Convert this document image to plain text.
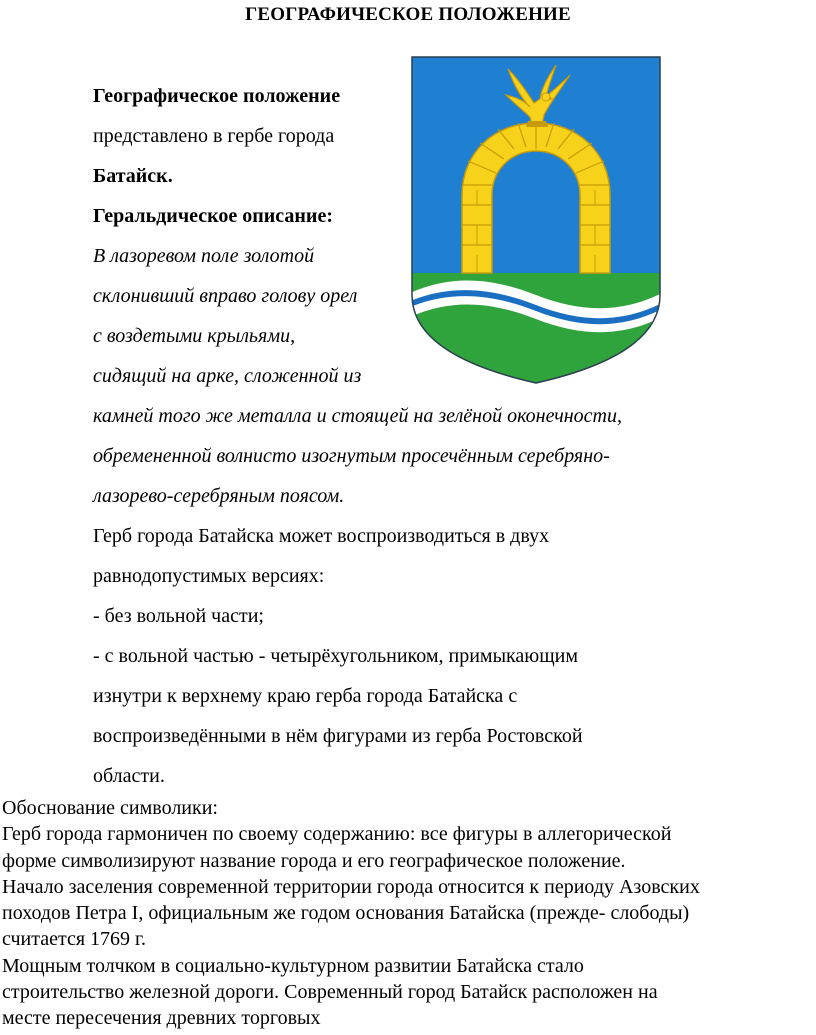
ГЕОГРАФИЧЕСКОЕ ПОЛОЖЕНИЕ

Географическое положение

представлено в гербе города

Батайск.

Геральдическое описание:

В лазоревом поле золотой

склонивший вправо голову орел

с воздетыми крыльями,

сидящий на арке, сложенной из

камней того же металла и стоящей на зелёной оконечности,

обремененной волнисто изогнутым просечённым серебряно-

лазорево-серебряным поясом.

Герб города Батайска может воспроизводиться в двух

равнодопустимых версиях:

- без вольной части;

- с вольной частью - четырёхугольником, примыкающим

изнутри к верхнему краю герба города Батайска с

воспроизведёнными в нём фигурами из герба Ростовской

области.

Обоснование символики:

Герб города гармоничен по своему содержанию: все фигуры в аллегорической

форме символизируют название города и его географическое положение.

Начало заселения современной территории города относится к периоду Азовских

походов Петра I, официальным же годом основания Батайска (прежде- слободы)

считается 1769 г.

Мощным толчком в социально-культурном развитии Батайска стало

строительство железной дороги. Современный город Батайск расположен на

месте пересечения древних торговых
